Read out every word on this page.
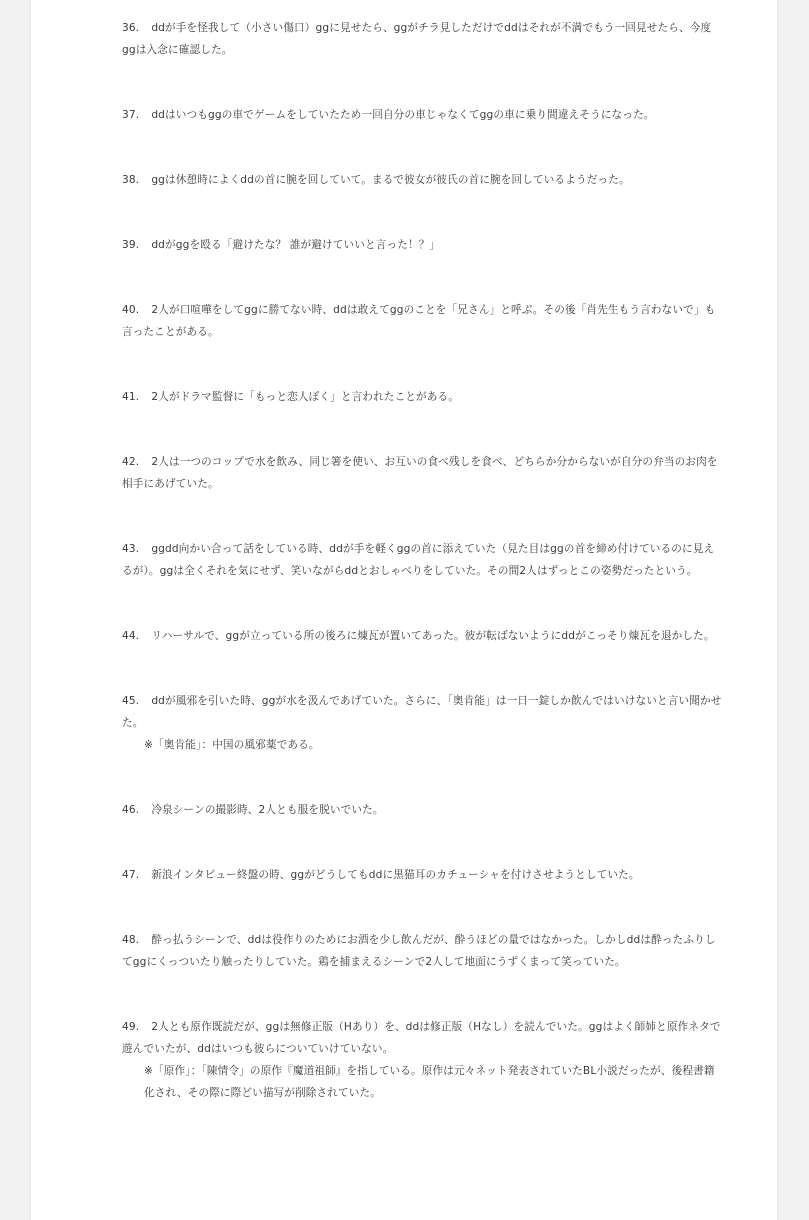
36. ddが手を怪我して（小さい傷口）ggに見せたら、ggがチラ見しただけでddはそれが不満でもう一回見せたら、今度ggは入念に確認した。
37. ddはいつもggの車でゲームをしていたため一回自分の車じゃなくてggの車に乗り間違えそうになった。
38. ggは休憩時によくddの首に腕を回していて。まるで彼女が彼氏の首に腕を回しているようだった。
39. ddがggを殴る「避けたな？ 誰が避けていいと言った！？」
40. 2人が口喧嘩をしてggに勝てない時、ddは敢えてggのことを「兄さん」と呼ぶ。その後「肖先生もう言わないで」も言ったことがある。
41. 2人がドラマ監督に「もっと恋人ぽく」と言われたことがある。
42. 2人は一つのコップで水を飲み、同じ箸を使い、お互いの食べ残しを食べ、どちらか分からないが自分の弁当のお肉を相手にあげていた。
43. ggdd向かい合って話をしている時、ddが手を軽くggの首に添えていた（見た目はggの首を締め付けているのに見えるが）。ggは全くそれを気にせず、笑いながらddとおしゃべりをしていた。その間2人はずっとこの姿勢だったという。
44. リハーサルで、ggが立っている所の後ろに煉瓦が置いてあった。彼が転ばないようにddがこっそり煉瓦を退かした。
45. ddが風邪を引いた時、ggが水を汲んであげていた。さらに、「奥肯能」は一日一錠しか飲んではいけないと言い聞かせた。
※「奥肯能」：中国の風邪薬である。
46. 冷泉シーンの撮影時、2人とも服を脱いでいた。
47. 新浪インタビュー終盤の時、ggがどうしてもddに黒猫耳のカチューシャを付けさせようとしていた。
48. 酔っ払うシーンで、ddは役作りのためにお酒を少し飲んだが、酔うほどの量ではなかった。しかしddは酔ったふりしてggにくっついたり触ったりしていた。鶏を捕まえるシーンで2人して地面にうずくまって笑っていた。
49. 2人とも原作既読だが、ggは無修正版（Hあり）を、ddは修正版（Hなし）を読んでいた。ggはよく師姉と原作ネタで遊んでいたが、ddはいつも彼らについていけていない。
※「原作」：「陳情令」の原作『魔道祖師』を指している。原作は元々ネット発表されていたBL小説だったが、後程書籍化され、その際に際どい描写が削除されていた。
